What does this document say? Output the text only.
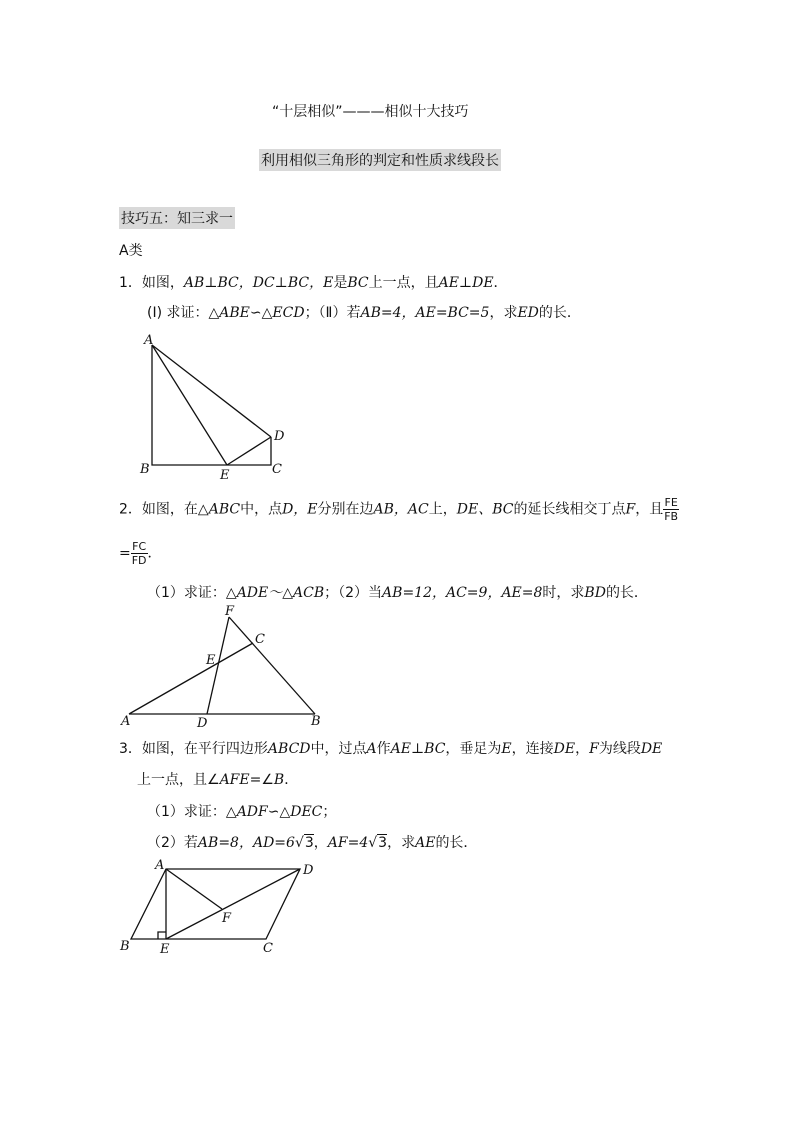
“十层相似”———相似十大技巧
利用相似三角形的判定和性质求线段长
技巧五：知三求一
A类
1．如图，AB⊥BC，DC⊥BC，E是BC上一点，且AE⊥DE．
(I) 求证：△ABE∽△ECD；（Ⅱ）若AB=4，AE=BC=5，求ED的长．
A
B	C
D
E
2．如图，在△ABC中，点D，E分别在边AB，AC上，DE、BC的延长线相交丁点F，且 $\frac{FE}{FB}$
= $\frac{FC}{FD}$ ．
（1）求证：△ADE～△ACB；（2）当AB=12，AC=9，AE=8时，求BD的长．
F
C
E
A	D	B
3．如图，在平行四边形ABCD中，过点A作AE⊥BC，垂足为E，连接DE，F为线段DE
上一点，且∠AFE=∠B．
（1）求证：△ADF∽△DEC；
（2）若AB=8，AD=6√3，AF=4√3，求AE的长．
A	D
F
B E	C
